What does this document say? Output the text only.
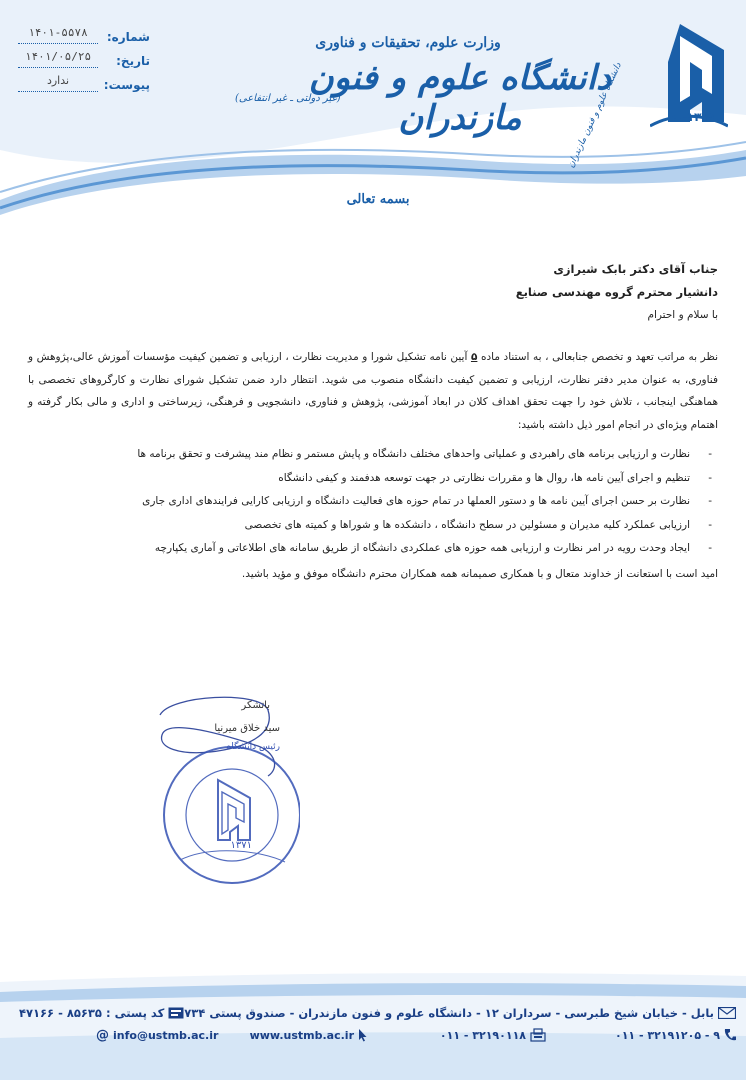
۱۳۷۱
دانشگاه علوم و فنون مازندران
وزارت علوم، تحقیقات و فناوری
دانشگاه علوم و فنون مازندران
(غیر دولتی ـ غیر انتفاعی)
شماره:
۱۴۰۱-۵۵۷۸
تاریخ:
۱۴۰۱/۰۵/۲۵
پیوست:
ندارد
بسمه تعالی
جناب آقای دکتر بابک شیرازی
دانشیار محترم گروه مهندسی صنایع
با سلام و احترام
نظر به مراتب تعهد و تخصص جنابعالی ، به استناد ماده ۵ آیین نامه تشکیل شورا و مدیریت نظارت ، ارزیابی و تضمین کیفیت مؤسسات آموزش عالی،پژوهش و فناوری، به عنوان مدیر دفتر نظارت، ارزیابی و تضمین کیفیت دانشگاه منصوب می شوید. انتظار دارد ضمن تشکیل شورای نظارت و کارگروهای تخصصی با هماهنگی اینجانب ، تلاش خود را جهت تحقق اهداف کلان در ابعاد آموزشی، پژوهش و فناوری، دانشجویی و فرهنگی، زیرساختی و اداری و مالی بکار گرفته و اهتمام ویژه‌ای در انجام امور ذیل داشته باشید:
- نظارت و ارزیابی برنامه های راهبردی و عملیاتی واحدهای مختلف دانشگاه و پایش مستمر و نظام مند پیشرفت و تحقق برنامه ها
- تنظیم و اجرای آیین نامه ها، روال ها و مقررات نظارتی در جهت توسعه هدفمند و کیفی دانشگاه
- نظارت بر حسن اجرای آیین نامه ها و دستور العملها در تمام حوزه های فعالیت دانشگاه و ارزیابی کارایی فرایندهای اداری جاری
- ارزیابی عملکرد کلیه مدیران و مسئولین در سطح دانشگاه ، دانشکده ها و شوراها و کمیته های تخصصی
- ایجاد وحدت رویه در امر نظارت و ارزیابی همه حوزه های عملکردی دانشگاه از طریق سامانه های اطلاعاتی و آماری یکپارچه
امید است با استعانت از خداوند متعال و با همکاری صمیمانه همه همکاران محترم دانشگاه موفق و مؤید باشید.
باتشکر
سید خلاق میرنیا
رئیس دانشگاه
۱۳۷۱
بابل - خیابان شیخ طبرسی - سرداران ۱۲ - دانشگاه علوم و فنون مازندران - صندوق پستی ۷۳۴
کد پستی : ۸۵۶۳۵ - ۴۷۱۶۶
۰۱۱ - ۳۲۱۹۱۲۰۵ - ۹
۰۱۱ - ۳۲۱۹۰۱۱۸
www.ustmb.ac.ir
info@ustmb.ac.ir
@
